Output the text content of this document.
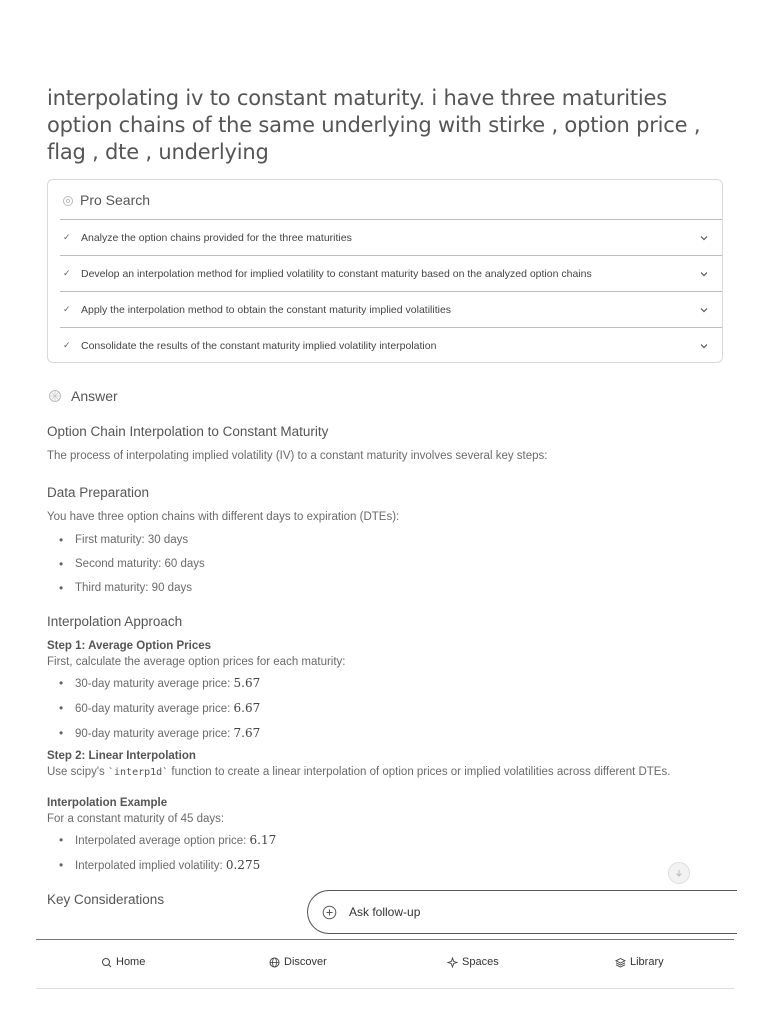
interpolating iv to constant maturity. i have three maturities option chains of the same underlying with stirke , option price , flag , dte , underlying
Pro Search
✓ Analyze the option chains provided for the three maturities
✓ Develop an interpolation method for implied volatility to constant maturity based on the analyzed option chains
✓ Apply the interpolation method to obtain the constant maturity implied volatilities
✓ Consolidate the results of the constant maturity implied volatility interpolation
Answer
Option Chain Interpolation to Constant Maturity

The process of interpolating implied volatility (IV) to a constant maturity involves several key steps:

Data Preparation

You have three option chains with different days to expiration (DTEs):

• First maturity: 30 days
• Second maturity: 60 days
• Third maturity: 90 days
Interpolation Approach

Step 1: Average Option Prices

First, calculate the average option prices for each maturity:

• 30-day maturity average price: 5.67
• 60-day maturity average price: 6.67
• 90-day maturity average price: 7.67

Step 2: Linear Interpolation

Use scipy's `interp1d` function to create a linear interpolation of option prices or implied volatilities across different DTEs.

Interpolation Example

For a constant maturity of 45 days:

• Interpolated average option price: 6.17
• Interpolated implied volatility: 0.275
Key Considerations
Ask follow-up
Home	Discover	Spaces	Library
